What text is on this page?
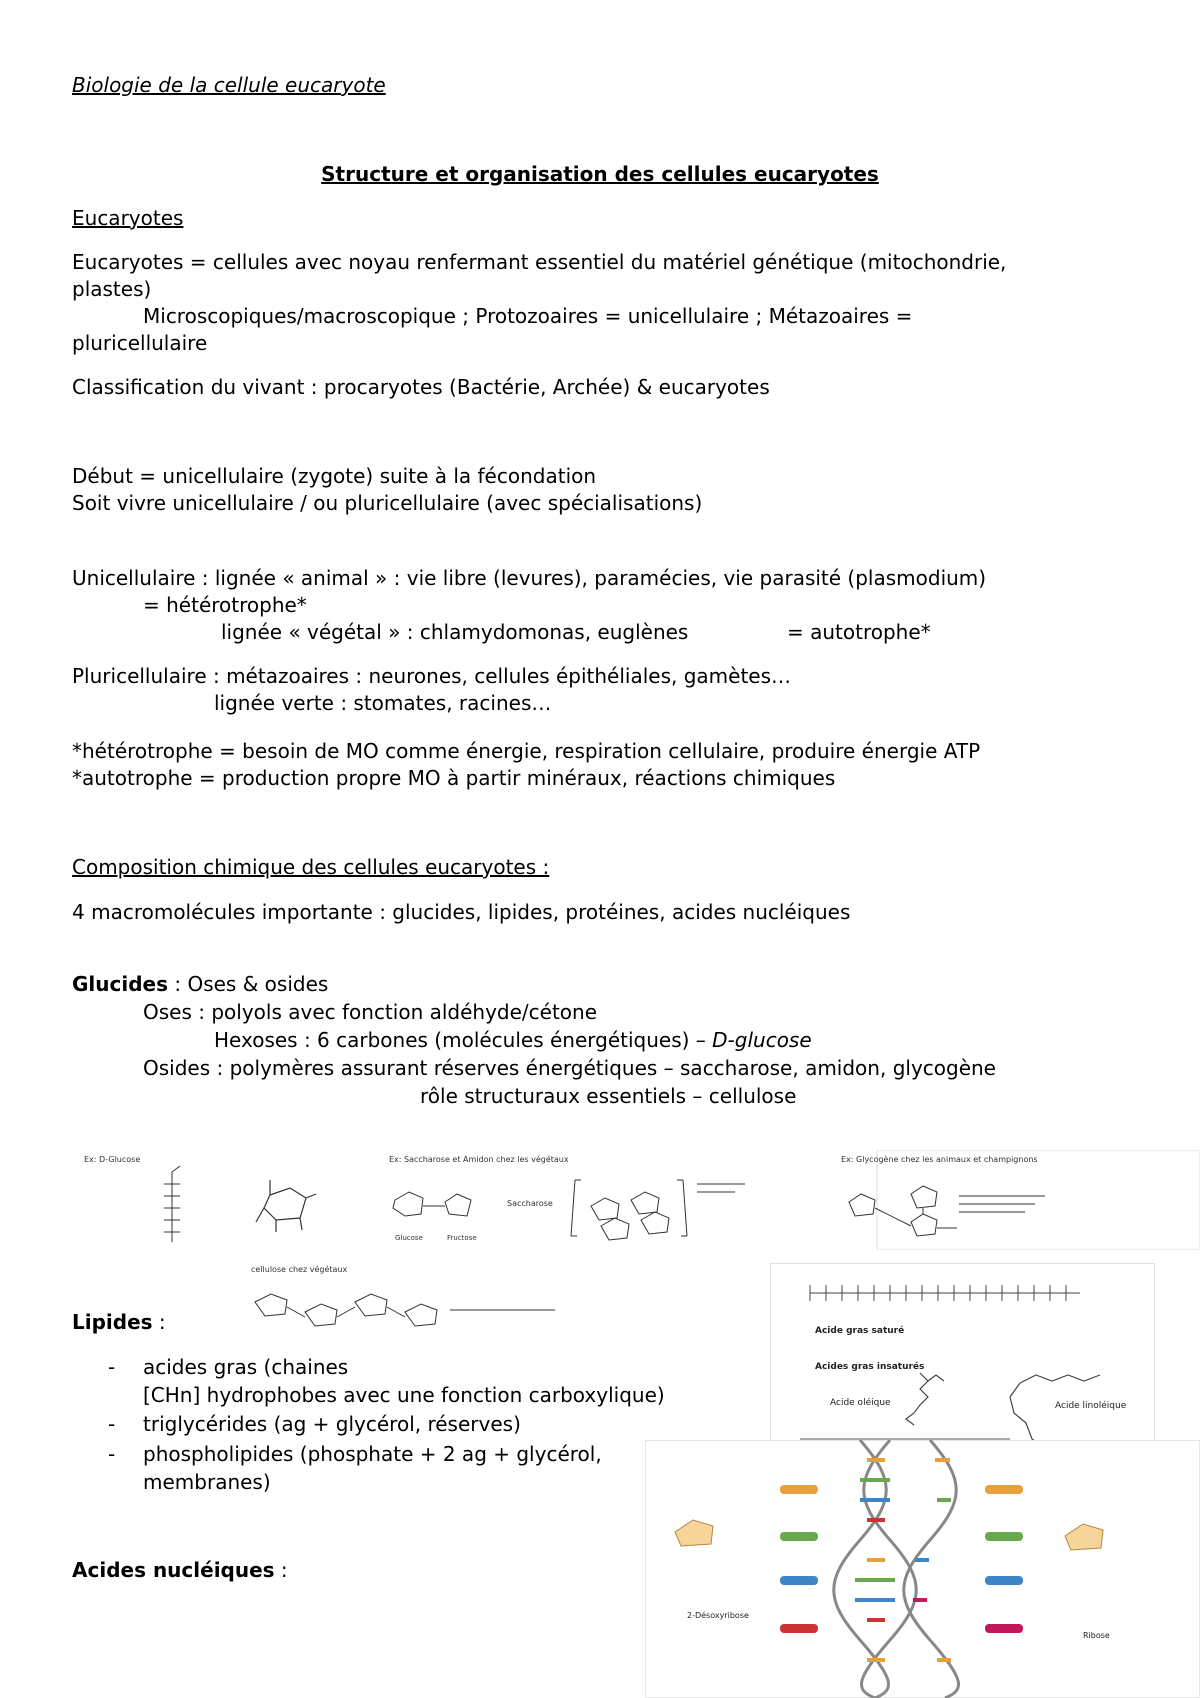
Biologie de la cellule eucaryote
Structure et organisation des cellules eucaryotes
Eucaryotes
Eucaryotes = cellules avec noyau renfermant essentiel du matériel génétique (mitochondrie,
plastes)
Microscopiques/macroscopique ; Protozoaires = unicellulaire ; Métazoaires =
pluricellulaire
Classification du vivant : procaryotes (Bactérie, Archée) & eucaryotes
Début = unicellulaire (zygote) suite à la fécondation
Soit vivre unicellulaire / ou pluricellulaire (avec spécialisations)
Unicellulaire : lignée « animal » : vie libre (levures), paramécies, vie parasité (plasmodium)
= hétérotrophe*
lignée « végétal » : chlamydomonas, euglènes	= autotrophe*
Pluricellulaire : métazoaires : neurones, cellules épithéliales, gamètes…
lignée verte : stomates, racines…
*hétérotrophe = besoin de MO comme énergie, respiration cellulaire, produire énergie ATP
*autotrophe = production propre MO à partir minéraux, réactions chimiques
Composition chimique des cellules eucaryotes :
4 macromolécules importante : glucides, lipides, protéines, acides nucléiques
Glucides : Oses & osides
Oses : polyols avec fonction aldéhyde/cétone
Hexoses : 6 carbones (molécules énergétiques) – D-glucose
Osides : polymères assurant réserves énergétiques – saccharose, amidon, glycogène
rôle structuraux essentiels – cellulose
Lipides :
- acides gras (chaines
[CHn] hydrophobes avec une fonction carboxylique)
- triglycérides (ag + glycérol, réserves)
- phospholipides (phosphate + 2 ag + glycérol,
membranes)
Acides nucléiques :
Ex: D-Glucose	Ex: Saccharose et Amidon chez les végétaux
Saccharose
Glucose	Fructose
Ex: Glycogène chez les animaux et champignons
cellulose chez végétaux
Acide gras saturé
Acides gras insaturés
Acide oléique	Acide linoléique
2-Désoxyribose
Ribose
